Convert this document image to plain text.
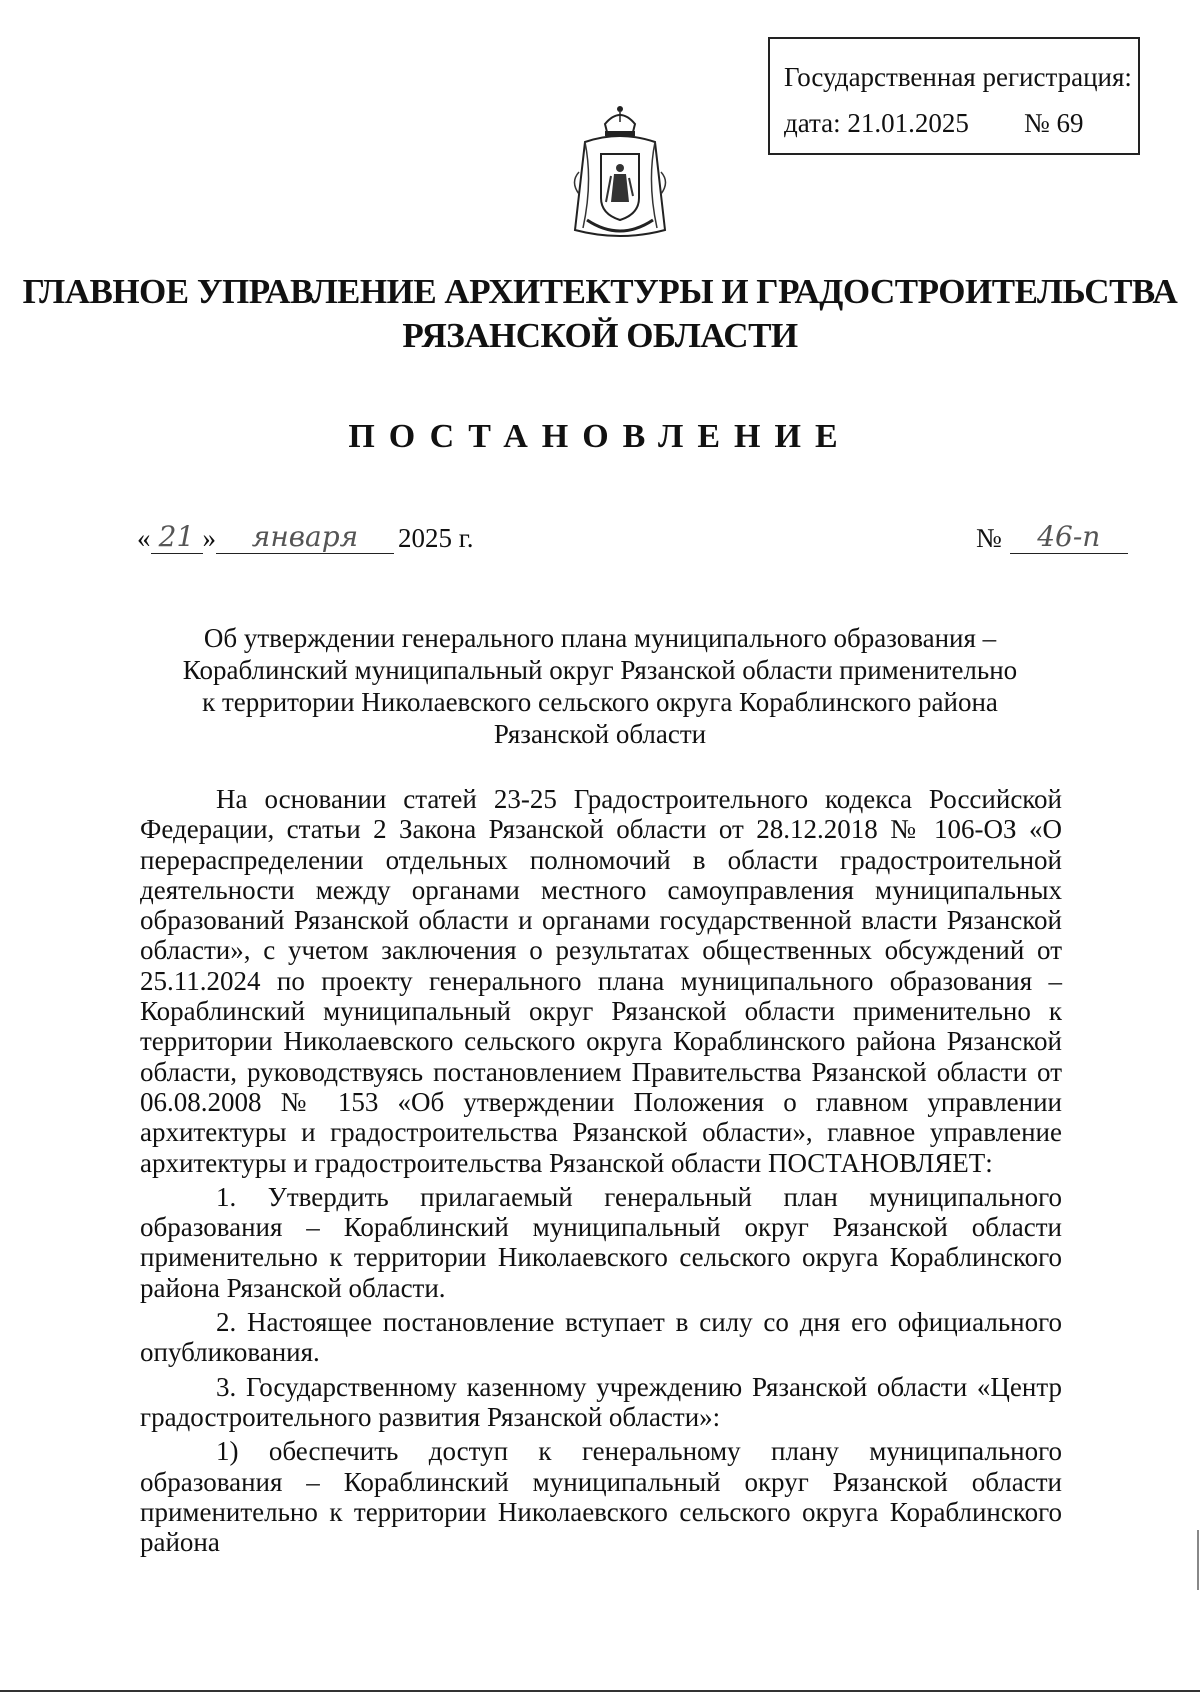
Государственная регистрация:
дата: 21.01.2025	№ 69
ГЛАВНОЕ УПРАВЛЕНИЕ АРХИТЕКТУРЫ И ГРАДОСТРОИТЕЛЬСТВА
РЯЗАНСКОЙ ОБЛАСТИ
ПОСТАНОВЛЕНИЕ
« 21 »	января	2025 г.	№	46-п
Об утверждении генерального плана муниципального образования –
Кораблинский муниципальный округ Рязанской области применительно
к территории Николаевского сельского округа Кораблинского района
Рязанской области

На основании статей 23-25 Градостроительного кодекса Российской Федерации, статьи 2 Закона Рязанской области от 28.12.2018 № 106-ОЗ «О перераспределении отдельных полномочий в области градостроительной деятельности между органами местного самоуправления муниципальных образований Рязанской области и органами государственной власти Рязанской области», с учетом заключения о результатах общественных обсуждений от 25.11.2024 по проекту генерального плана муниципального образования – Кораблинский муниципальный округ Рязанской области применительно к территории Николаевского сельского округа Кораблинского района Рязанской области, руководствуясь постановлением Правительства Рязанской области от 06.08.2008 № 153 «Об утверждении Положения о главном управлении архитектуры и градостроительства Рязанской области», главное управление архитектуры и градостроительства Рязанской области ПОСТАНОВЛЯЕТ:

1. Утвердить прилагаемый генеральный план муниципального образования – Кораблинский муниципальный округ Рязанской области применительно к территории Николаевского сельского округа Кораблинского района Рязанской области.

2. Настоящее постановление вступает в силу со дня его официального опубликования.

3. Государственному казенному учреждению Рязанской области «Центр градостроительного развития Рязанской области»:

1) обеспечить доступ к генеральному плану муниципального образования – Кораблинский муниципальный округ Рязанской области применительно к территории Николаевского сельского округа Кораблинского района
